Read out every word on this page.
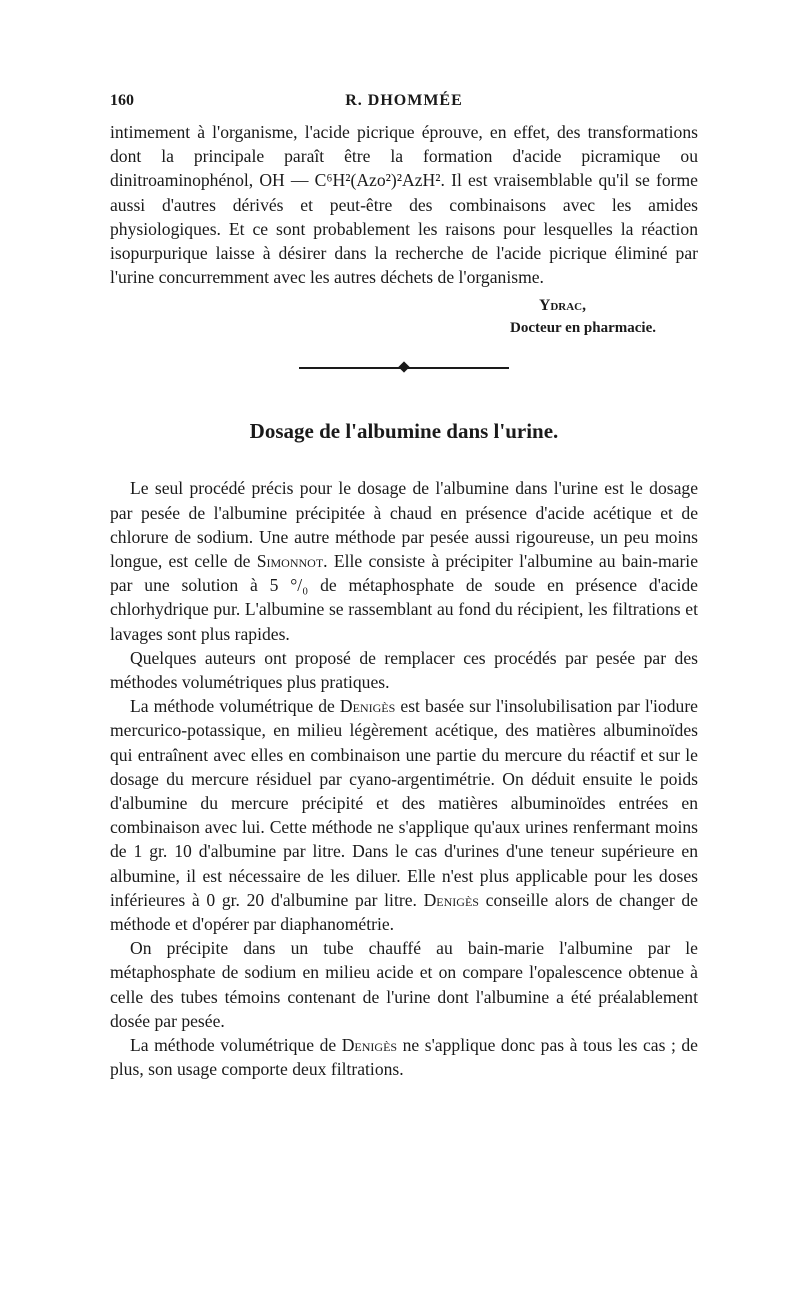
160	R. DHOMMÉE

intimement à l'organisme, l'acide picrique éprouve, en effet, des transformations dont la principale paraît être la formation d'acide picramique ou dinitroaminophénol, OH — C⁶H²(Azo²)²AzH². Il est vraisemblable qu'il se forme aussi d'autres dérivés et peut-être des combinaisons avec les amides physiologiques. Et ce sont probablement les raisons pour lesquelles la réaction isopurpurique laisse à désirer dans la recherche de l'acide picrique éliminé par l'urine concurremment avec les autres déchets de l'organisme.

Ydrac,
Docteur en pharmacie.
Dosage de l'albumine dans l'urine.

Le seul procédé précis pour le dosage de l'albumine dans l'urine est le dosage par pesée de l'albumine précipitée à chaud en présence d'acide acétique et de chlorure de sodium. Une autre méthode par pesée aussi rigoureuse, un peu moins longue, est celle de Simonnot. Elle consiste à précipiter l'albumine au bain-marie par une solution à 5 °/₀ de métaphosphate de soude en présence d'acide chlorhydrique pur. L'albumine se rassemblant au fond du récipient, les filtrations et lavages sont plus rapides.

Quelques auteurs ont proposé de remplacer ces procédés par pesée par des méthodes volumétriques plus pratiques.

La méthode volumétrique de Denigès est basée sur l'insolubilisation par l'iodure mercurico-potassique, en milieu légèrement acétique, des matières albuminoïdes qui entraînent avec elles en combinaison une partie du mercure du réactif et sur le dosage du mercure résiduel par cyano-argentimétrie. On déduit ensuite le poids d'albumine du mercure précipité et des matières albuminoïdes entrées en combinaison avec lui. Cette méthode ne s'applique qu'aux urines renfermant moins de 1 gr. 10 d'albumine par litre. Dans le cas d'urines d'une teneur supérieure en albumine, il est nécessaire de les diluer. Elle n'est plus applicable pour les doses inférieures à 0 gr. 20 d'albumine par litre. Denigès conseille alors de changer de méthode et d'opérer par diaphanométrie.

On précipite dans un tube chauffé au bain-marie l'albumine par le métaphosphate de sodium en milieu acide et on compare l'opalescence obtenue à celle des tubes témoins contenant de l'urine dont l'albumine a été préalablement dosée par pesée.

La méthode volumétrique de Denigès ne s'applique donc pas à tous les cas ; de plus, son usage comporte deux filtrations.
